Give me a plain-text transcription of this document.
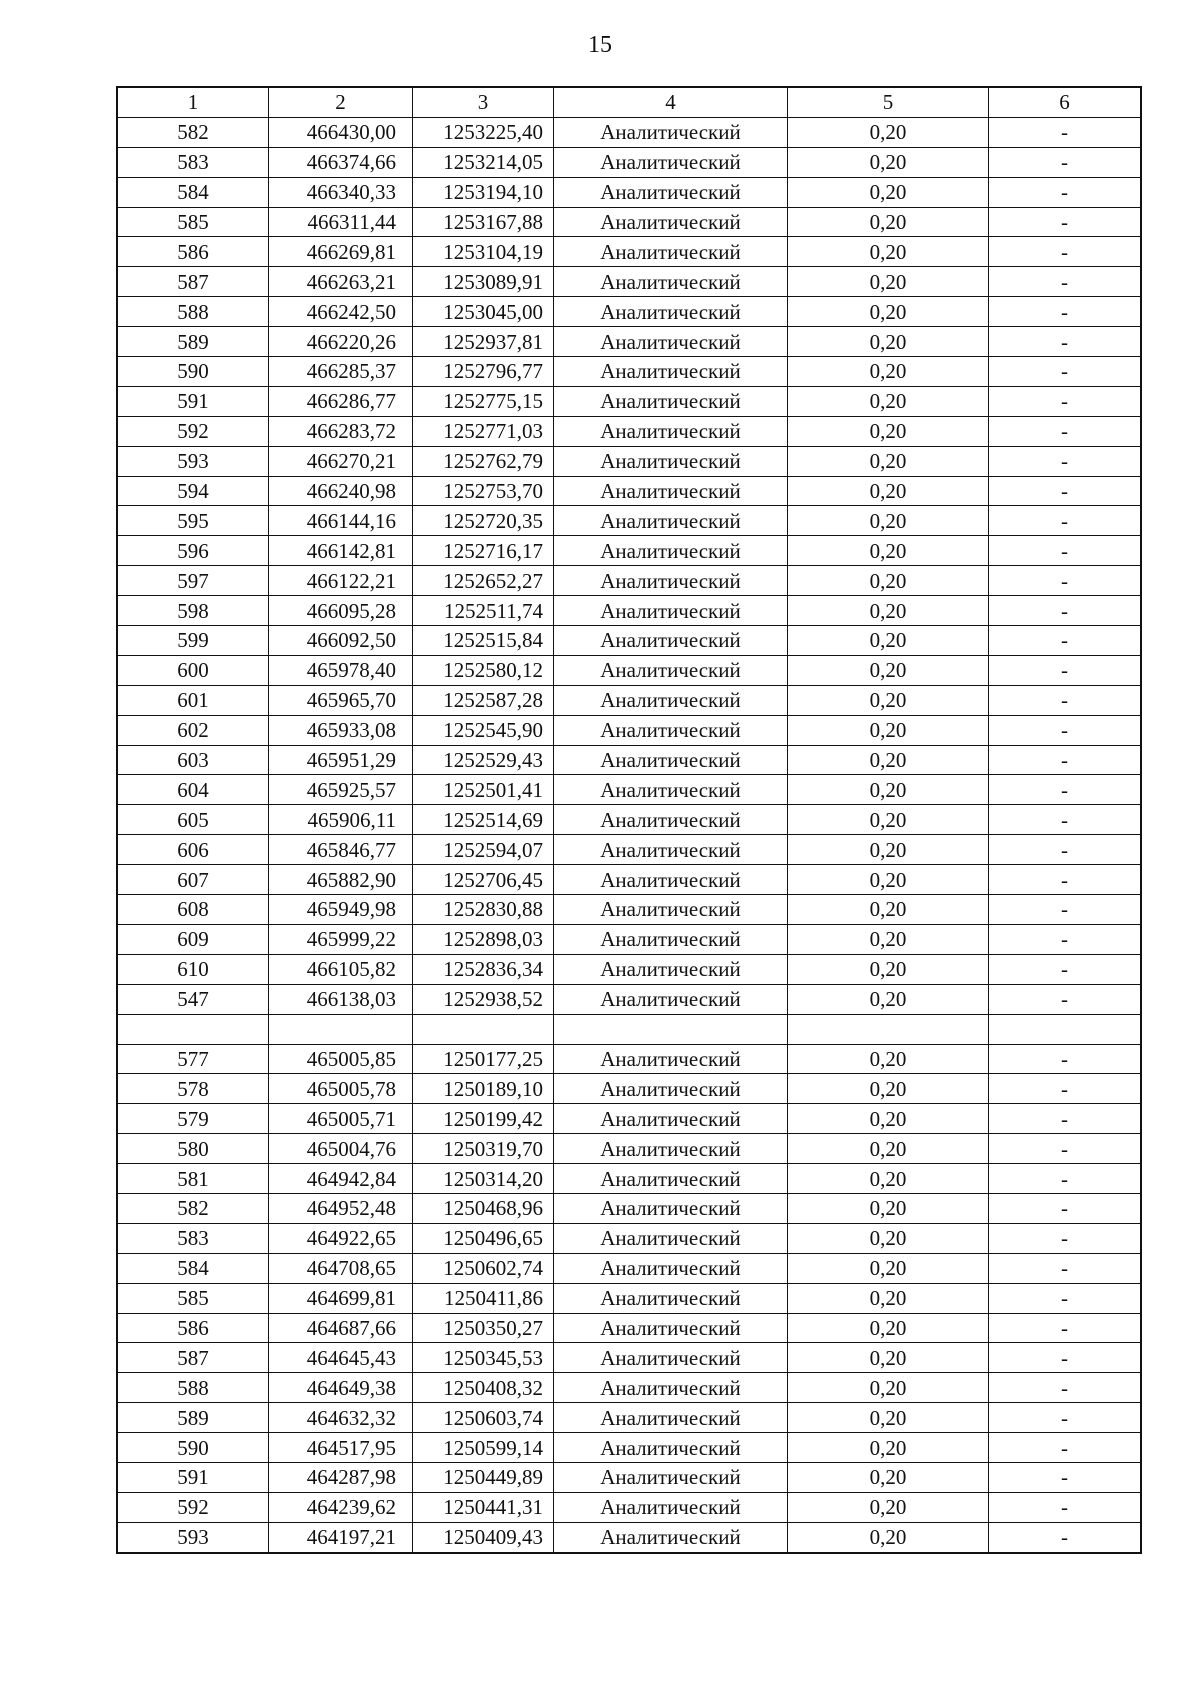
15
1	2	3	4	5	6
582	466430,00	1253225,40	Аналитический	0,20	-
583	466374,66	1253214,05	Аналитический	0,20	-
584	466340,33	1253194,10	Аналитический	0,20	-
585	466311,44	1253167,88	Аналитический	0,20	-
586	466269,81	1253104,19	Аналитический	0,20	-
587	466263,21	1253089,91	Аналитический	0,20	-
588	466242,50	1253045,00	Аналитический	0,20	-
589	466220,26	1252937,81	Аналитический	0,20	-
590	466285,37	1252796,77	Аналитический	0,20	-
591	466286,77	1252775,15	Аналитический	0,20	-
592	466283,72	1252771,03	Аналитический	0,20	-
593	466270,21	1252762,79	Аналитический	0,20	-
594	466240,98	1252753,70	Аналитический	0,20	-
595	466144,16	1252720,35	Аналитический	0,20	-
596	466142,81	1252716,17	Аналитический	0,20	-
597	466122,21	1252652,27	Аналитический	0,20	-
598	466095,28	1252511,74	Аналитический	0,20	-
599	466092,50	1252515,84	Аналитический	0,20	-
600	465978,40	1252580,12	Аналитический	0,20	-
601	465965,70	1252587,28	Аналитический	0,20	-
602	465933,08	1252545,90	Аналитический	0,20	-
603	465951,29	1252529,43	Аналитический	0,20	-
604	465925,57	1252501,41	Аналитический	0,20	-
605	465906,11	1252514,69	Аналитический	0,20	-
606	465846,77	1252594,07	Аналитический	0,20	-
607	465882,90	1252706,45	Аналитический	0,20	-
608	465949,98	1252830,88	Аналитический	0,20	-
609	465999,22	1252898,03	Аналитический	0,20	-
610	466105,82	1252836,34	Аналитический	0,20	-
547	466138,03	1252938,52	Аналитический	0,20	-

577	465005,85	1250177,25	Аналитический	0,20	-
578	465005,78	1250189,10	Аналитический	0,20	-
579	465005,71	1250199,42	Аналитический	0,20	-
580	465004,76	1250319,70	Аналитический	0,20	-
581	464942,84	1250314,20	Аналитический	0,20	-
582	464952,48	1250468,96	Аналитический	0,20	-
583	464922,65	1250496,65	Аналитический	0,20	-
584	464708,65	1250602,74	Аналитический	0,20	-
585	464699,81	1250411,86	Аналитический	0,20	-
586	464687,66	1250350,27	Аналитический	0,20	-
587	464645,43	1250345,53	Аналитический	0,20	-
588	464649,38	1250408,32	Аналитический	0,20	-
589	464632,32	1250603,74	Аналитический	0,20	-
590	464517,95	1250599,14	Аналитический	0,20	-
591	464287,98	1250449,89	Аналитический	0,20	-
592	464239,62	1250441,31	Аналитический	0,20	-
593	464197,21	1250409,43	Аналитический	0,20	-
